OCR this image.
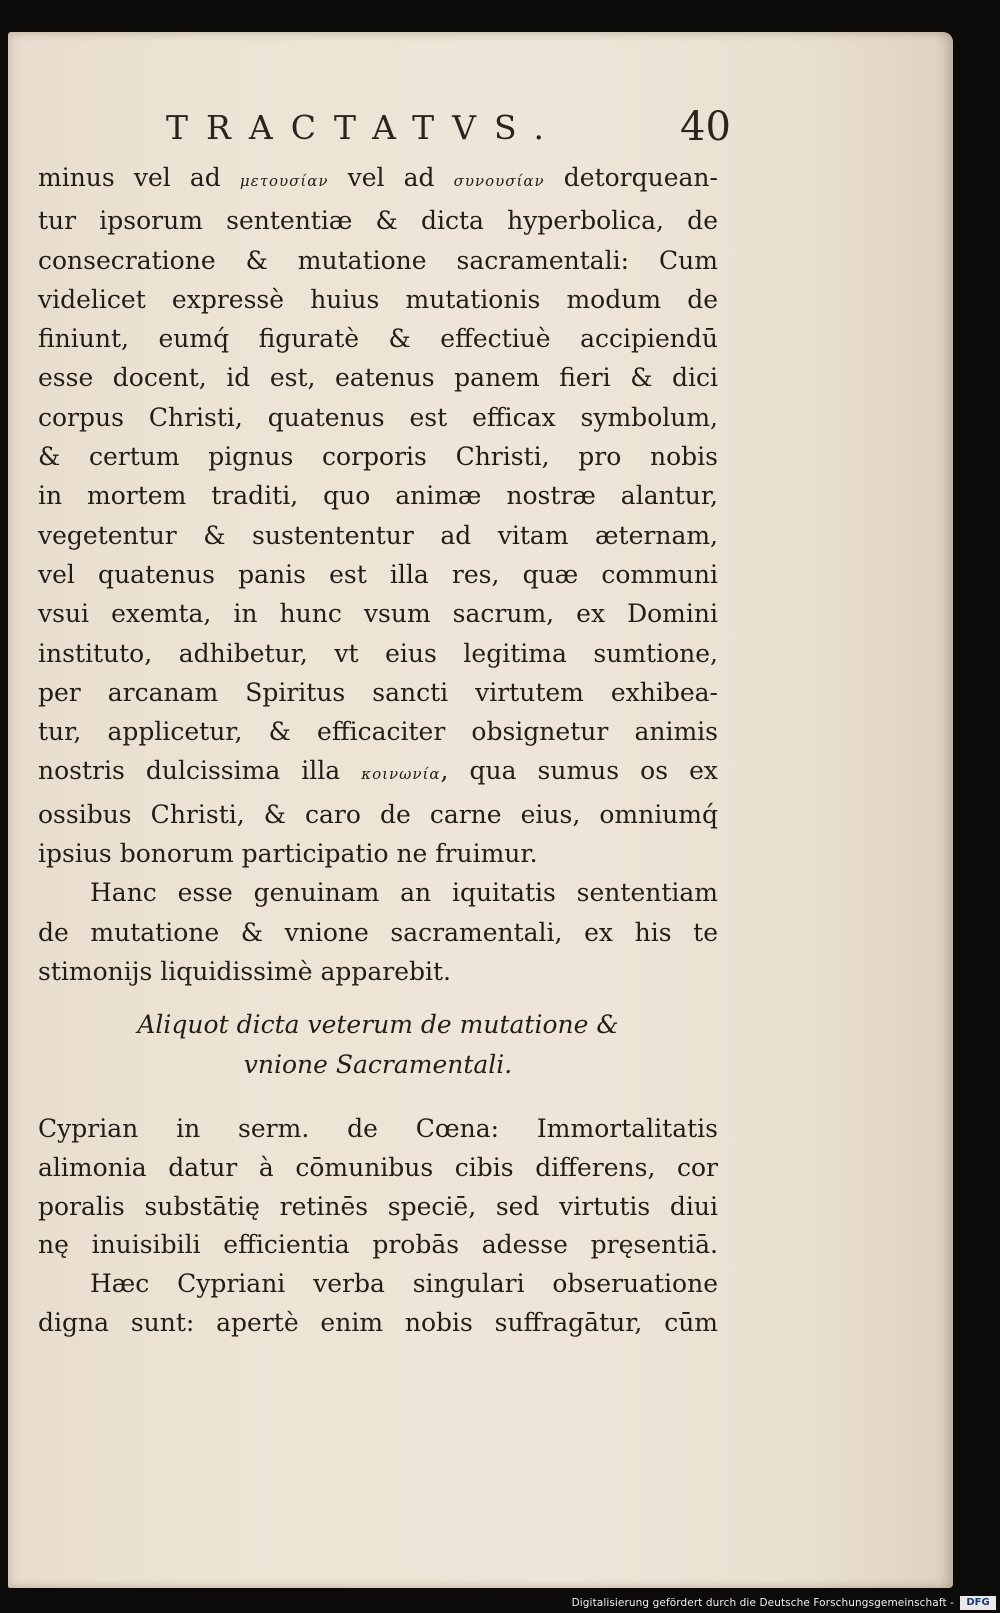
TRACTATVS.	40
minus vel ad μετουσίαν vel ad συνουσίαν detorquean-
tur ipsorum sententiæ & dicta hyperbolica, de
consecratione & mutatione sacramentali: Cum
videlicet expressè huius mutationis modum de
finiunt, eumq́ figuratè & effectiuè accipiendū
esse docent, id est, eatenus panem fieri & dici
corpus Christi, quatenus est efficax symbolum,
& certum pignus corporis Christi, pro nobis
in mortem traditi, quo animæ nostræ alantur,
vegetentur & sustententur ad vitam æternam,
vel quatenus panis est illa res, quæ communi
vsui exemta, in hunc vsum sacrum, ex Domini
instituto, adhibetur, vt eius legitima sumtione,
per arcanam Spiritus sancti virtutem exhibea-
tur, applicetur, & efficaciter obsignetur animis
nostris dulcissima illa κοινωνία, qua sumus os ex
ossibus Christi, & caro de carne eius, omniumq́
ipsius bonorum participatio ne fruimur.
Hanc esse genuinam an iquitatis sententiam
de mutatione & vnione sacramentali, ex his te
stimonijs liquidissimè apparebit.
Aliquot dicta veterum de mutatione &
vnione Sacramentali.
Cyprian in serm. de Cœna: Immortalitatis
alimonia datur à cōmunibus cibis differens, cor
poralis substātię retinēs speciē, sed virtutis diui
nę inuisibili efficientia probās adesse pręsentiā.
Hæc Cypriani verba singulari obseruatione
digna sunt: apertè enim nobis suffragātur, cūm
Digitalisierung gefördert durch die Deutsche Forschungsgemeinschaft -	DFG
